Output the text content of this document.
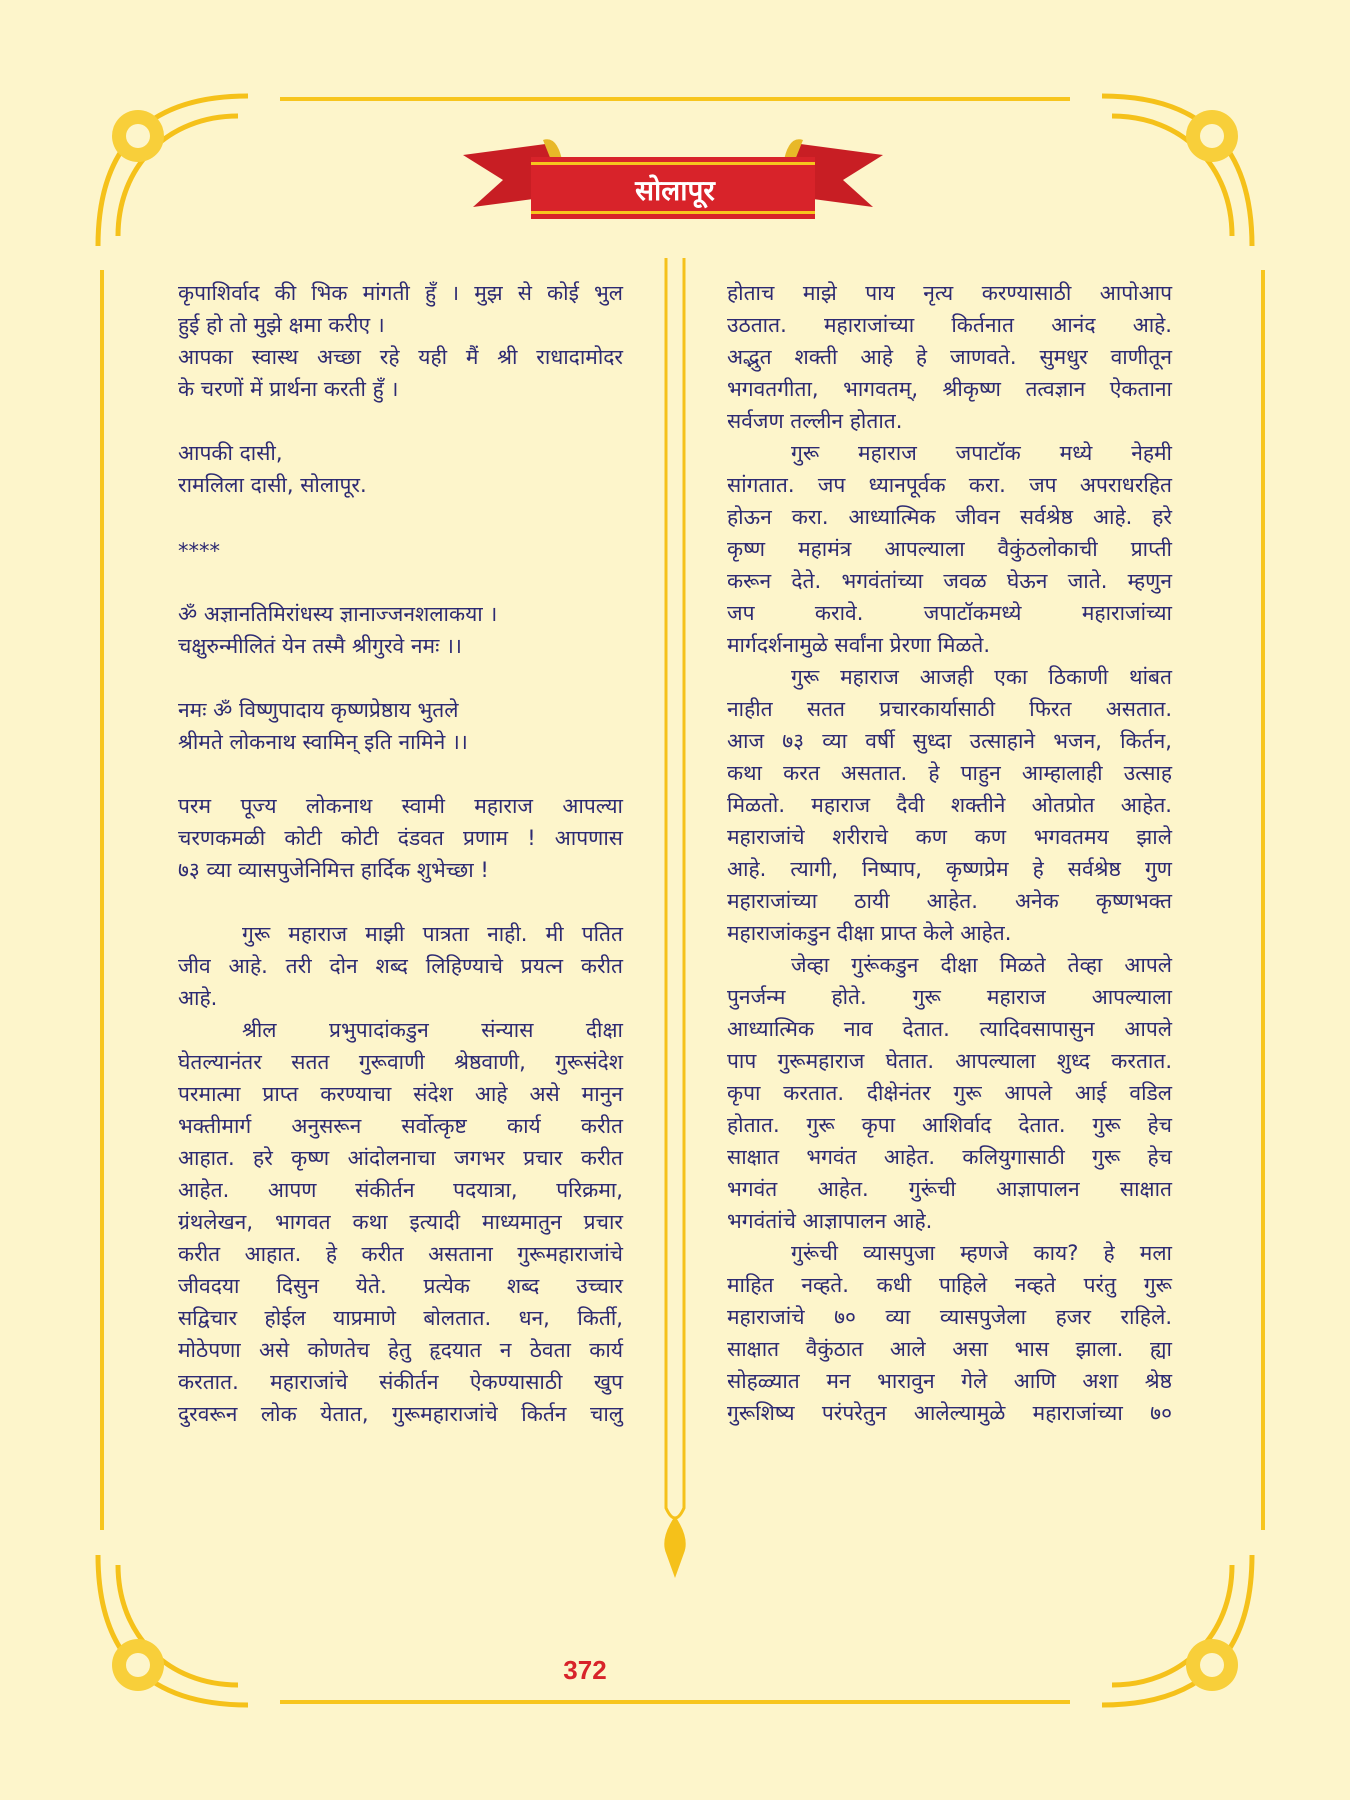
सोलापूर
कृपाशिर्वाद की भिक मांगती हुँ । मुझ से कोई भुल
हुई हो तो मुझे क्षमा करीए ।
आपका स्वास्थ अच्छा रहे यही मैं श्री राधादामोदर
के चरणों में प्रार्थना करती हुँ ।
आपकी दासी,
रामलिला दासी, सोलापूर.
****
ॐ अज्ञानतिमिरांधस्य ज्ञानाज्जनशलाकया ।
चक्षुरुन्मीलितं येन तस्मै श्रीगुरवे नमः ।।
नमः ॐ विष्णुपादाय कृष्णप्रेष्ठाय भुतले
श्रीमते लोकनाथ स्वामिन् इति नामिने ।।
परम पूज्य लोकनाथ स्वामी महाराज आपल्या
चरणकमळी कोटी कोटी दंडवत प्रणाम ! आपणास
७३ व्या व्यासपुजेनिमित्त हार्दिक शुभेच्छा !
गुरू महाराज माझी पात्रता नाही. मी पतित
जीव आहे. तरी दोन शब्द लिहिण्याचे प्रयत्न करीत
आहे.
श्रील प्रभुपादांकडुन संन्यास दीक्षा
घेतल्यानंतर सतत गुरूवाणी श्रेष्ठवाणी, गुरूसंदेश
परमात्मा प्राप्त करण्याचा संदेश आहे असे मानुन
भक्तीमार्ग अनुसरून सर्वोत्कृष्ट कार्य करीत
आहात. हरे कृष्ण आंदोलनाचा जगभर प्रचार करीत
आहेत. आपण संकीर्तन पदयात्रा, परिक्रमा,
ग्रंथलेखन, भागवत कथा इत्यादी माध्यमातुन प्रचार
करीत आहात. हे करीत असताना गुरूमहाराजांचे
जीवदया दिसुन येते. प्रत्येक शब्द उच्चार
सद्विचार होईल याप्रमाणे बोलतात. धन, किर्ती,
मोठेपणा असे कोणतेच हेतु हृदयात न ठेवता कार्य
करतात. महाराजांचे संकीर्तन ऐकण्यासाठी खुप
दुरवरून लोक येतात, गुरूमहाराजांचे किर्तन चालु
होताच माझे पाय नृत्य करण्यासाठी आपोआप
उठतात. महाराजांच्या किर्तनात आनंद आहे.
अद्भुत शक्ती आहे हे जाणवते. सुमधुर वाणीतून
भगवतगीता, भागवतम्, श्रीकृष्ण तत्वज्ञान ऐकताना
सर्वजण तल्लीन होतात.
गुरू महाराज जपाटॉक मध्ये नेहमी
सांगतात. जप ध्यानपूर्वक करा. जप अपराधरहित
होऊन करा. आध्यात्मिक जीवन सर्वश्रेष्ठ आहे. हरे
कृष्ण महामंत्र आपल्याला वैकुंठलोकाची प्राप्ती
करून देते. भगवंतांच्या जवळ घेऊन जाते. म्हणुन
जप करावे. जपाटॉकमध्ये महाराजांच्या
मार्गदर्शनामुळे सर्वांना प्रेरणा मिळते.
गुरू महाराज आजही एका ठिकाणी थांबत
नाहीत सतत प्रचारकार्यासाठी फिरत असतात.
आज ७३ व्या वर्षी सुध्दा उत्साहाने भजन, किर्तन,
कथा करत असतात. हे पाहुन आम्हालाही उत्साह
मिळतो. महाराज दैवी शक्तीने ओतप्रोत आहेत.
महाराजांचे शरीराचे कण कण भगवतमय झाले
आहे. त्यागी, निष्पाप, कृष्णप्रेम हे सर्वश्रेष्ठ गुण
महाराजांच्या ठायी आहेत. अनेक कृष्णभक्त
महाराजांकडुन दीक्षा प्राप्त केले आहेत.
जेव्हा गुरूंकडुन दीक्षा मिळते तेव्हा आपले
पुनर्जन्म होते. गुरू महाराज आपल्याला
आध्यात्मिक नाव देतात. त्यादिवसापासुन आपले
पाप गुरूमहाराज घेतात. आपल्याला शुध्द करतात.
कृपा करतात. दीक्षेनंतर गुरू आपले आई वडिल
होतात. गुरू कृपा आशिर्वाद देतात. गुरू हेच
साक्षात भगवंत आहेत. कलियुगासाठी गुरू हेच
भगवंत आहेत. गुरूंची आज्ञापालन साक्षात
भगवंतांचे आज्ञापालन आहे.
गुरूंची व्यासपुजा म्हणजे काय? हे मला
माहित नव्हते. कधी पाहिले नव्हते परंतु गुरू
महाराजांचे ७० व्या व्यासपुजेला हजर राहिले.
साक्षात वैकुंठात आले असा भास झाला. ह्या
सोहळ्यात मन भारावुन गेले आणि अशा श्रेष्ठ
गुरूशिष्य परंपरेतुन आलेल्यामुळे महाराजांच्या ७०
372
